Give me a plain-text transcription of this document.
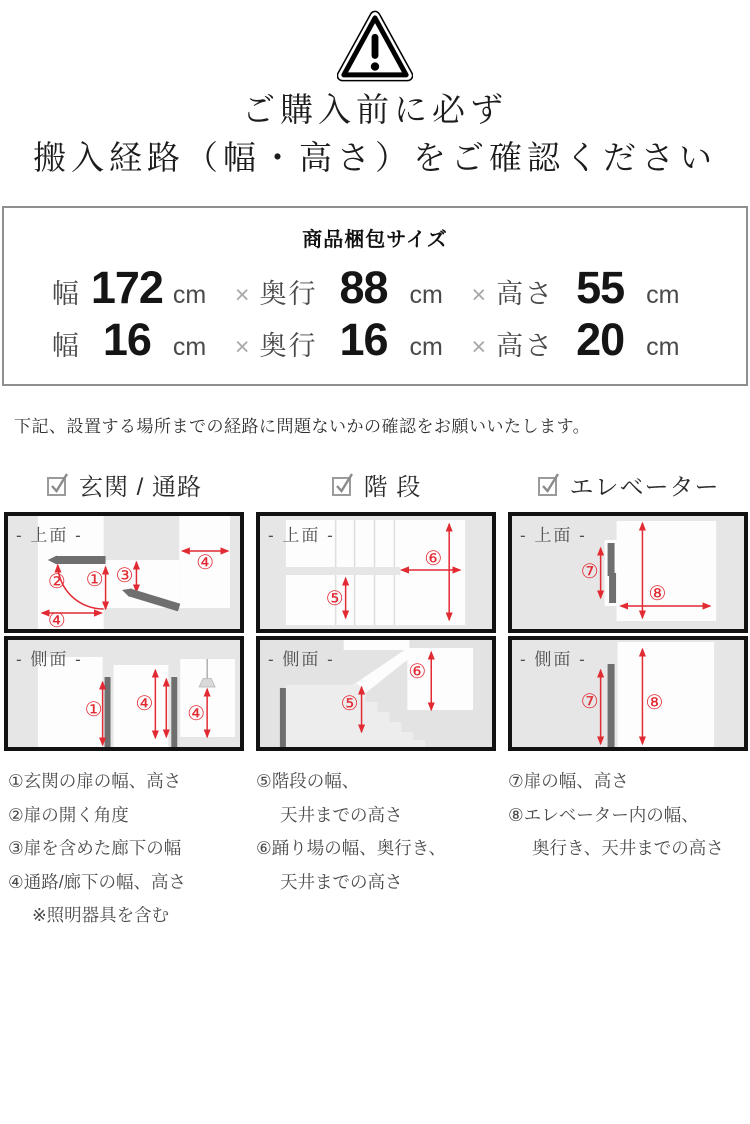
ご購入前に必ず
搬入経路（幅・高さ）をご確認ください
商品梱包サイズ
幅 172 cm	× 奥行 88 cm	× 高さ 55 cm
幅 16 cm	× 奥行 16 cm	× 高さ 20 cm
下記、設置する場所までの経路に問題ないかの確認をお願いいたします。
玄関 / 通路
- 上面 -
② ① ③
④
④
- 側面 -
① ④ ④
階 段
- 上面 -
⑤
⑥
- 側面 -
⑤
⑥
エレベーター
- 上面 -
⑦
⑧
- 側面 -
⑦ ⑧
①玄関の扉の幅、高さ
②扉の開く角度
③扉を含めた廊下の幅
④通路/廊下の幅、高さ
※照明器具を含む
⑤階段の幅、
天井までの高さ
⑥踊り場の幅、奥行き、
天井までの高さ
⑦扉の幅、高さ
⑧エレベーター内の幅、
奥行き、天井までの高さ
